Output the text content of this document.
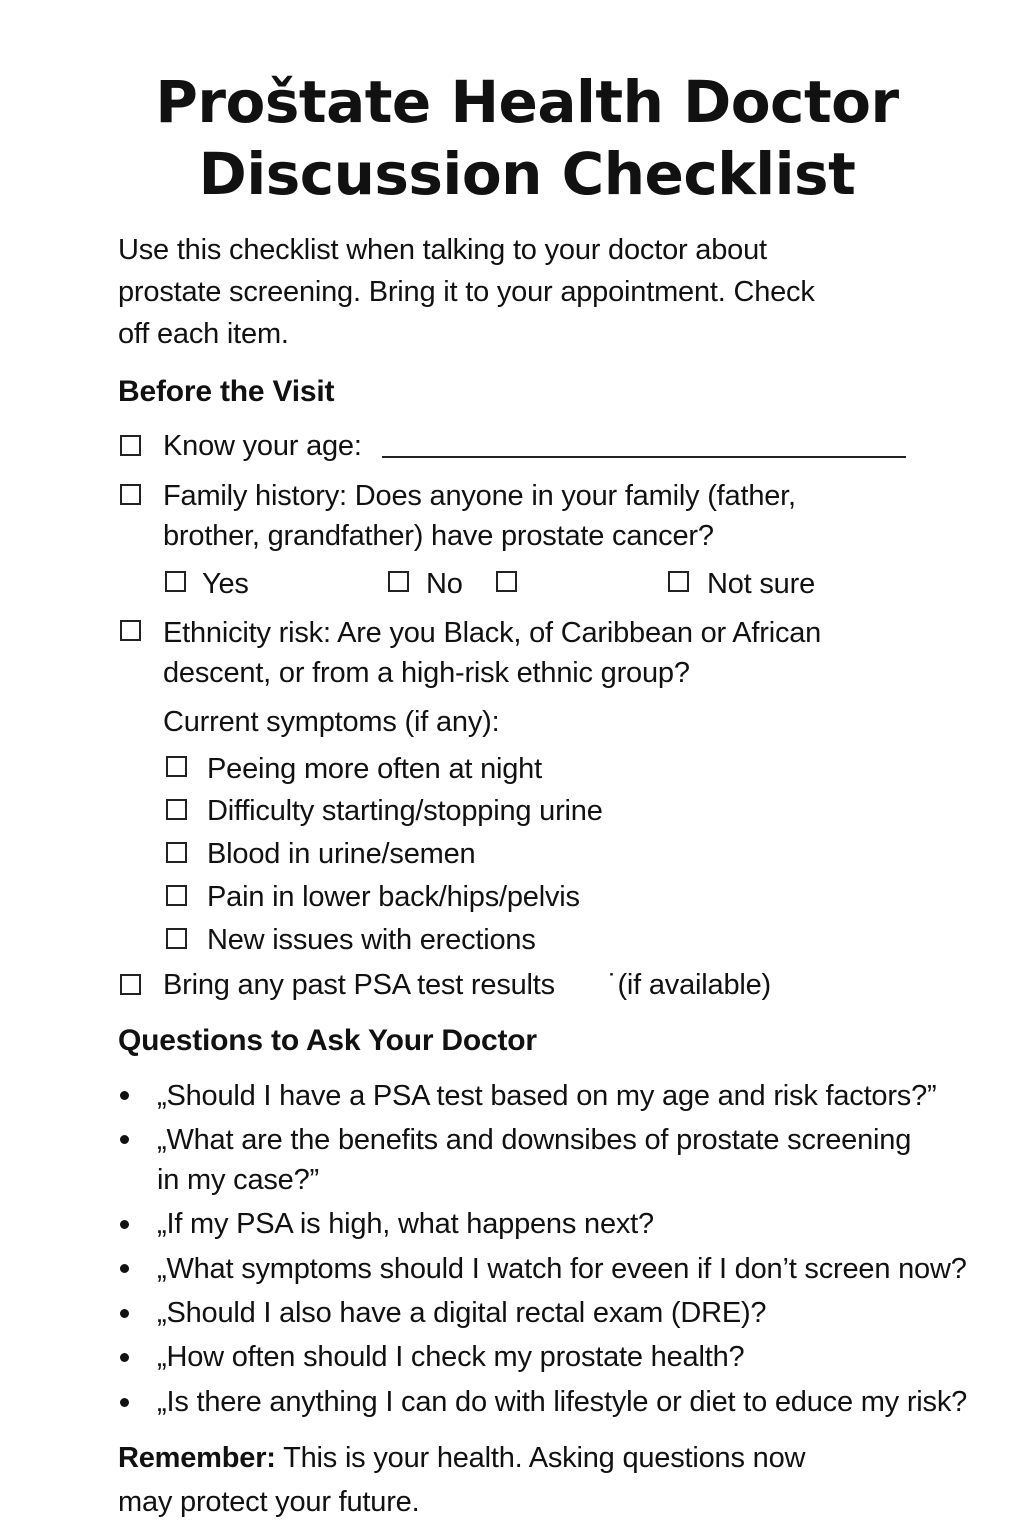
Proštate Health Doctor
Discussion Checklist
Use this checklist when talking to your doctor about
prostate screening. Bring it to your appointment. Check
off each item.
Before the Visit
Know your age:
Family history: Does anyone in your family (father,
brother, grandfather) have prostate cancer?
Yes	No	Not sure
Ethnicity risk: Are you Black, of Caribbean or African
descent, or from a high-risk ethnic group?
Current symptoms (if any):
Peeing more often at night
Difficulty starting/stopping urine
Blood in urine/semen
Pain in lower back/hips/pelvis
New issues with erections
Bring any past PSA test results ˙(if available)
Questions to Ask Your Doctor
„Should I have a PSA test based on my age and risk factors?”
„What are the benefits and downsibes of prostate screening
in my case?”
„If my PSA is high, what happens next?
„What symptoms should I watch for eveen if I don’t screen now?
„Should I also have a digital rectal exam (DRE)?
„How often should I check my prostate health?
„Is there anything I can do with lifestyle or diet to educe my risk?
Remember: This is your health. Asking questions now
may protect your future.
